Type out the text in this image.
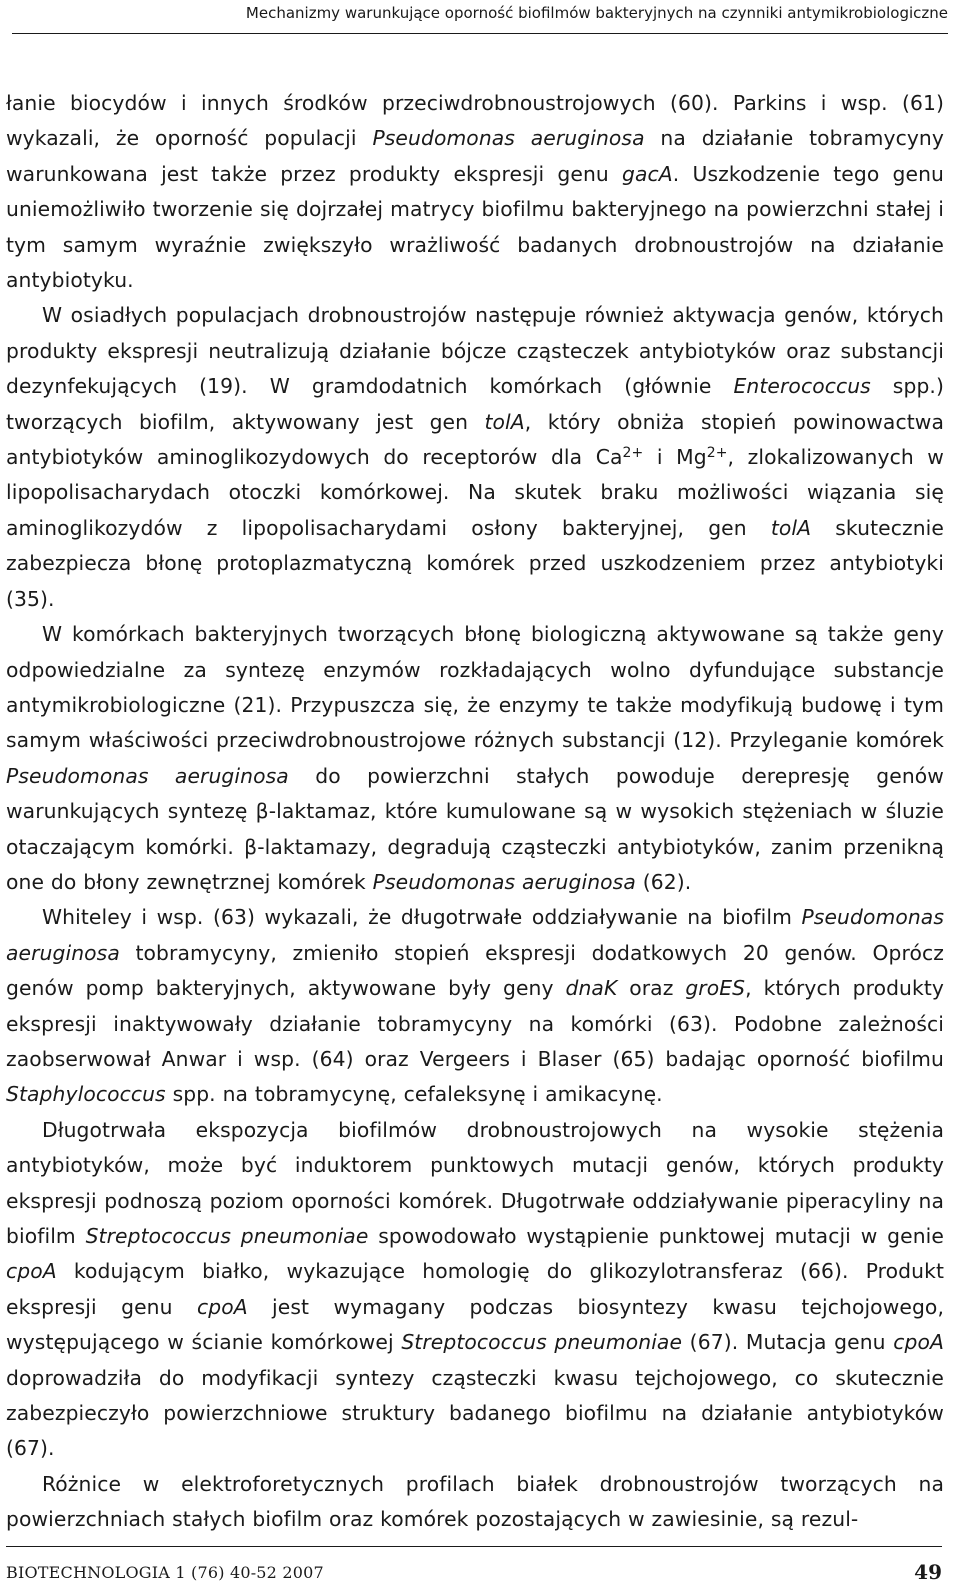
Mechanizmy warunkujące oporność biofilmów bakteryjnych na czynniki antymikrobiologiczne

łanie biocydów i innych środków przeciwdrobnoustrojowych (60). Parkins i wsp. (61) wykazali, że oporność populacji Pseudomonas aeruginosa na działanie tobramycyny warunkowana jest także przez produkty ekspresji genu gacA. Uszkodzenie tego genu uniemożliwiło tworzenie się dojrzałej matrycy biofilmu bakteryjnego na powierzchni stałej i tym samym wyraźnie zwiększyło wrażliwość badanych drobnoustrojów na działanie antybiotyku.

W osiadłych populacjach drobnoustrojów następuje również aktywacja genów, których produkty ekspresji neutralizują działanie bójcze cząsteczek antybiotyków oraz substancji dezynfekujących (19). W gramdodatnich komórkach (głównie Enterococcus spp.) tworzących biofilm, aktywowany jest gen tolA, który obniża stopień powinowactwa antybiotyków aminoglikozydowych do receptorów dla $Ca^{2+}$ i $Mg^{2+}$, zlokalizowanych w lipopolisacharydach otoczki komórkowej. Na skutek braku możliwości wiązania się aminoglikozydów z lipopolisacharydami osłony bakteryjnej, gen tolA skutecznie zabezpiecza błonę protoplazmatyczną komórek przed uszkodzeniem przez antybiotyki (35).

W komórkach bakteryjnych tworzących błonę biologiczną aktywowane są także geny odpowiedzialne za syntezę enzymów rozkładających wolno dyfundujące substancje antymikrobiologiczne (21). Przypuszcza się, że enzymy te także modyfikują budowę i tym samym właściwości przeciwdrobnoustrojowe różnych substancji (12). Przyleganie komórek Pseudomonas aeruginosa do powierzchni stałych powoduje derepresję genów warunkujących syntezę β-laktamaz, które kumulowane są w wysokich stężeniach w śluzie otaczającym komórki. β-laktamazy, degradują cząsteczki antybiotyków, zanim przenikną one do błony zewnętrznej komórek Pseudomonas aeruginosa (62).

Whiteley i wsp. (63) wykazali, że długotrwałe oddziaływanie na biofilm Pseudomonas aeruginosa tobramycyny, zmieniło stopień ekspresji dodatkowych 20 genów. Oprócz genów pomp bakteryjnych, aktywowane były geny dnaK oraz groES, których produkty ekspresji inaktywowały działanie tobramycyny na komórki (63). Podobne zależności zaobserwował Anwar i wsp. (64) oraz Vergeers i Blaser (65) badając oporność biofilmu Staphylococcus spp. na tobramycynę, cefaleksynę i amikacynę.

Długotrwała ekspozycja biofilmów drobnoustrojowych na wysokie stężenia antybiotyków, może być induktorem punktowych mutacji genów, których produkty ekspresji podnoszą poziom oporności komórek. Długotrwałe oddziaływanie piperacyliny na biofilm Streptococcus pneumoniae spowodowało wystąpienie punktowej mutacji w genie cpoA kodującym białko, wykazujące homologię do glikozylotransferaz (66). Produkt ekspresji genu cpoA jest wymagany podczas biosyntezy kwasu tejchojowego, występującego w ścianie komórkowej Streptococcus pneumoniae (67). Mutacja genu cpoA doprowadziła do modyfikacji syntezy cząsteczki kwasu tejchojowego, co skutecznie zabezpieczyło powierzchniowe struktury badanego biofilmu na działanie antybiotyków (67).

Różnice w elektroforetycznych profilach białek drobnoustrojów tworzących na powierzchniach stałych biofilm oraz komórek pozostających w zawiesinie, są rezul-

BIOTECHNOLOGIA 1 (76) 40-52 2007	49
